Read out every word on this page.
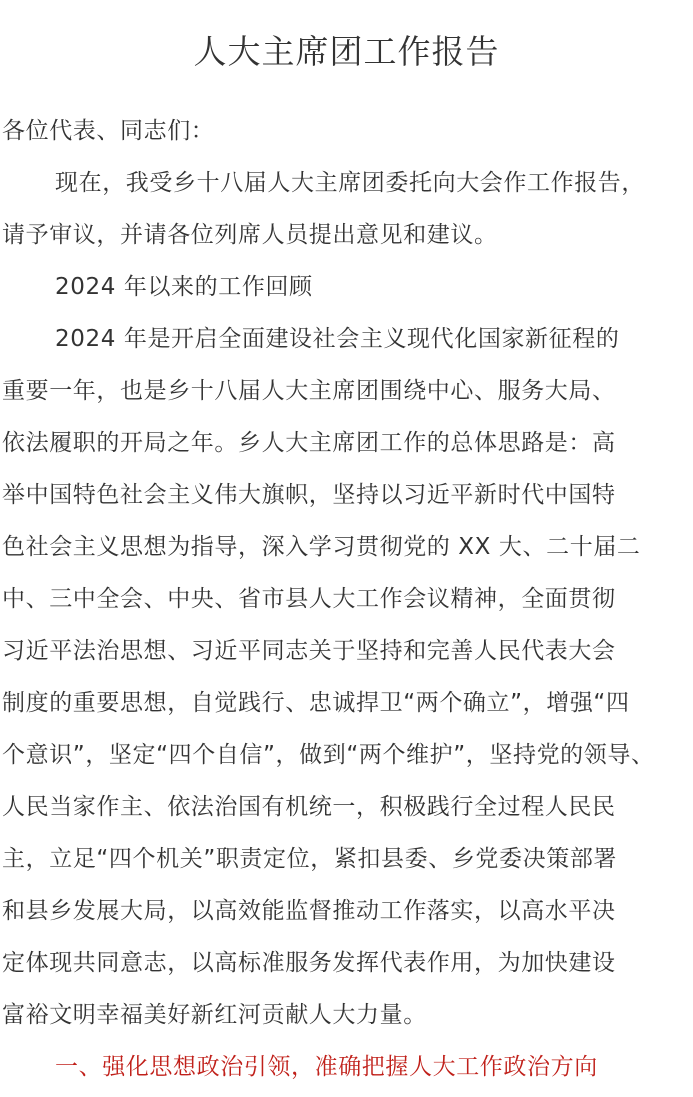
人大主席团工作报告
各位代表、同志们：
现在，我受乡十八届人大主席团委托向大会作工作报告，
请予审议，并请各位列席人员提出意见和建议。
2024 年以来的工作回顾
2024 年是开启全面建设社会主义现代化国家新征程的
重要一年，也是乡十八届人大主席团围绕中心、服务大局、
依法履职的开局之年。乡人大主席团工作的总体思路是：高
举中国特色社会主义伟大旗帜，坚持以习近平新时代中国特
色社会主义思想为指导，深入学习贯彻党的 XX 大、二十届二
中、三中全会、中央、省市县人大工作会议精神，全面贯彻
习近平法治思想、习近平同志关于坚持和完善人民代表大会
制度的重要思想，自觉践行、忠诚捍卫“两个确立”，增强“四
个意识”，坚定“四个自信”，做到“两个维护”，坚持党的领导、
人民当家作主、依法治国有机统一，积极践行全过程人民民
主，立足“四个机关”职责定位，紧扣县委、乡党委决策部署
和县乡发展大局，以高效能监督推动工作落实，以高水平决
定体现共同意志，以高标准服务发挥代表作用，为加快建设
富裕文明幸福美好新红河贡献人大力量。
一、强化思想政治引领，准确把握人大工作政治方向
